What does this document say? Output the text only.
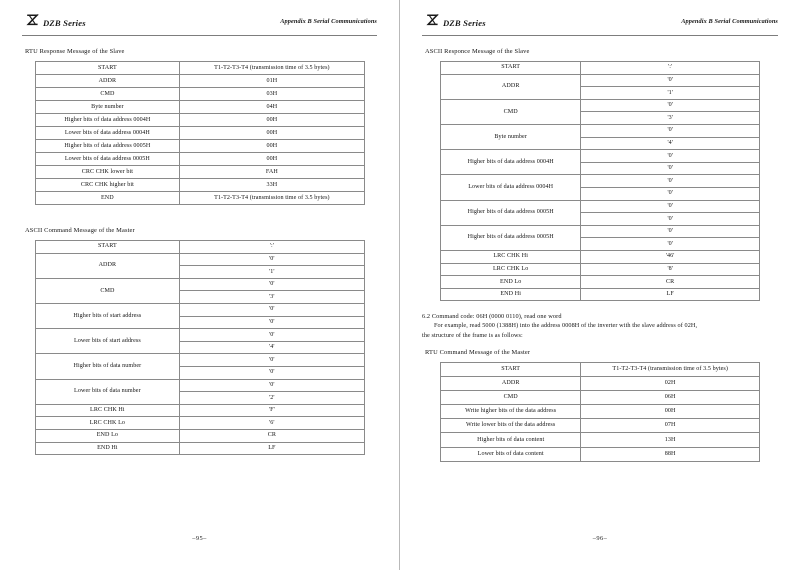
DZB Series	Appendix B Serial Communications
RTU Response Message of the Slave
START	T1-T2-T3-T4 (transmission time of 3.5 bytes)
ADDR	01H
CMD	03H
Byte number	04H
Higher bits of data address 0004H	00H
Lower bits of data address 0004H	00H
Higher bits of data address 0005H	00H
Lower bits of data address 0005H	00H
CRC CHK lower bit	FAH
CRC CHK higher bit	33H
END	T1-T2-T3-T4 (transmission time of 3.5 bytes)
ASCII Command Message of the Master
START	':'
ADDR	'0'
	'1'
CMD	'0'
	'3'
Higher bits of start address	'0'
	'0'
Lower bits of start address	'0'
	'4'
Higher bits of data number	'0'
	'0'
Lower bits of data number	'0'
	'2'
LRC CHK Hi	'F'
LRC CHK Lo	'6'
END Lo	CR
END Hi	LF
–95–
DZB Series	Appendix B Serial Communications
ASCII Responce Message of the Slave
START	':'
ADDR	'0'
	'1'
CMD	'0'
	'3'
Byte number	'0'
	'4'
Higher bits of data address 0004H	'0'
	'0'
Lower bits of data address 0004H	'0'
	'0'
Higher bits of data address 0005H	'0'
	'0'
Higher bits of data address 0005H	'0'
	'0'
LRC CHK Hi	'46'
LRC CHK Lo	'8'
END Lo	CR
END Hi	LF
6.2 Command code: 06H (0000 0110), read one word
For example, read 5000 (1388H) into the address 0008H of the inverter with the slave address of 02H,
the structure of the frame is as follows:
RTU Command Message of the Master
START	T1-T2-T3-T4 (transmission time of 3.5 bytes)
ADDR	02H
CMD	06H
Write higher bits of the data address	00H
Write lower bits of the data address	07H
Higher bits of data content	13H
Lower bits of data content	88H
–96–
